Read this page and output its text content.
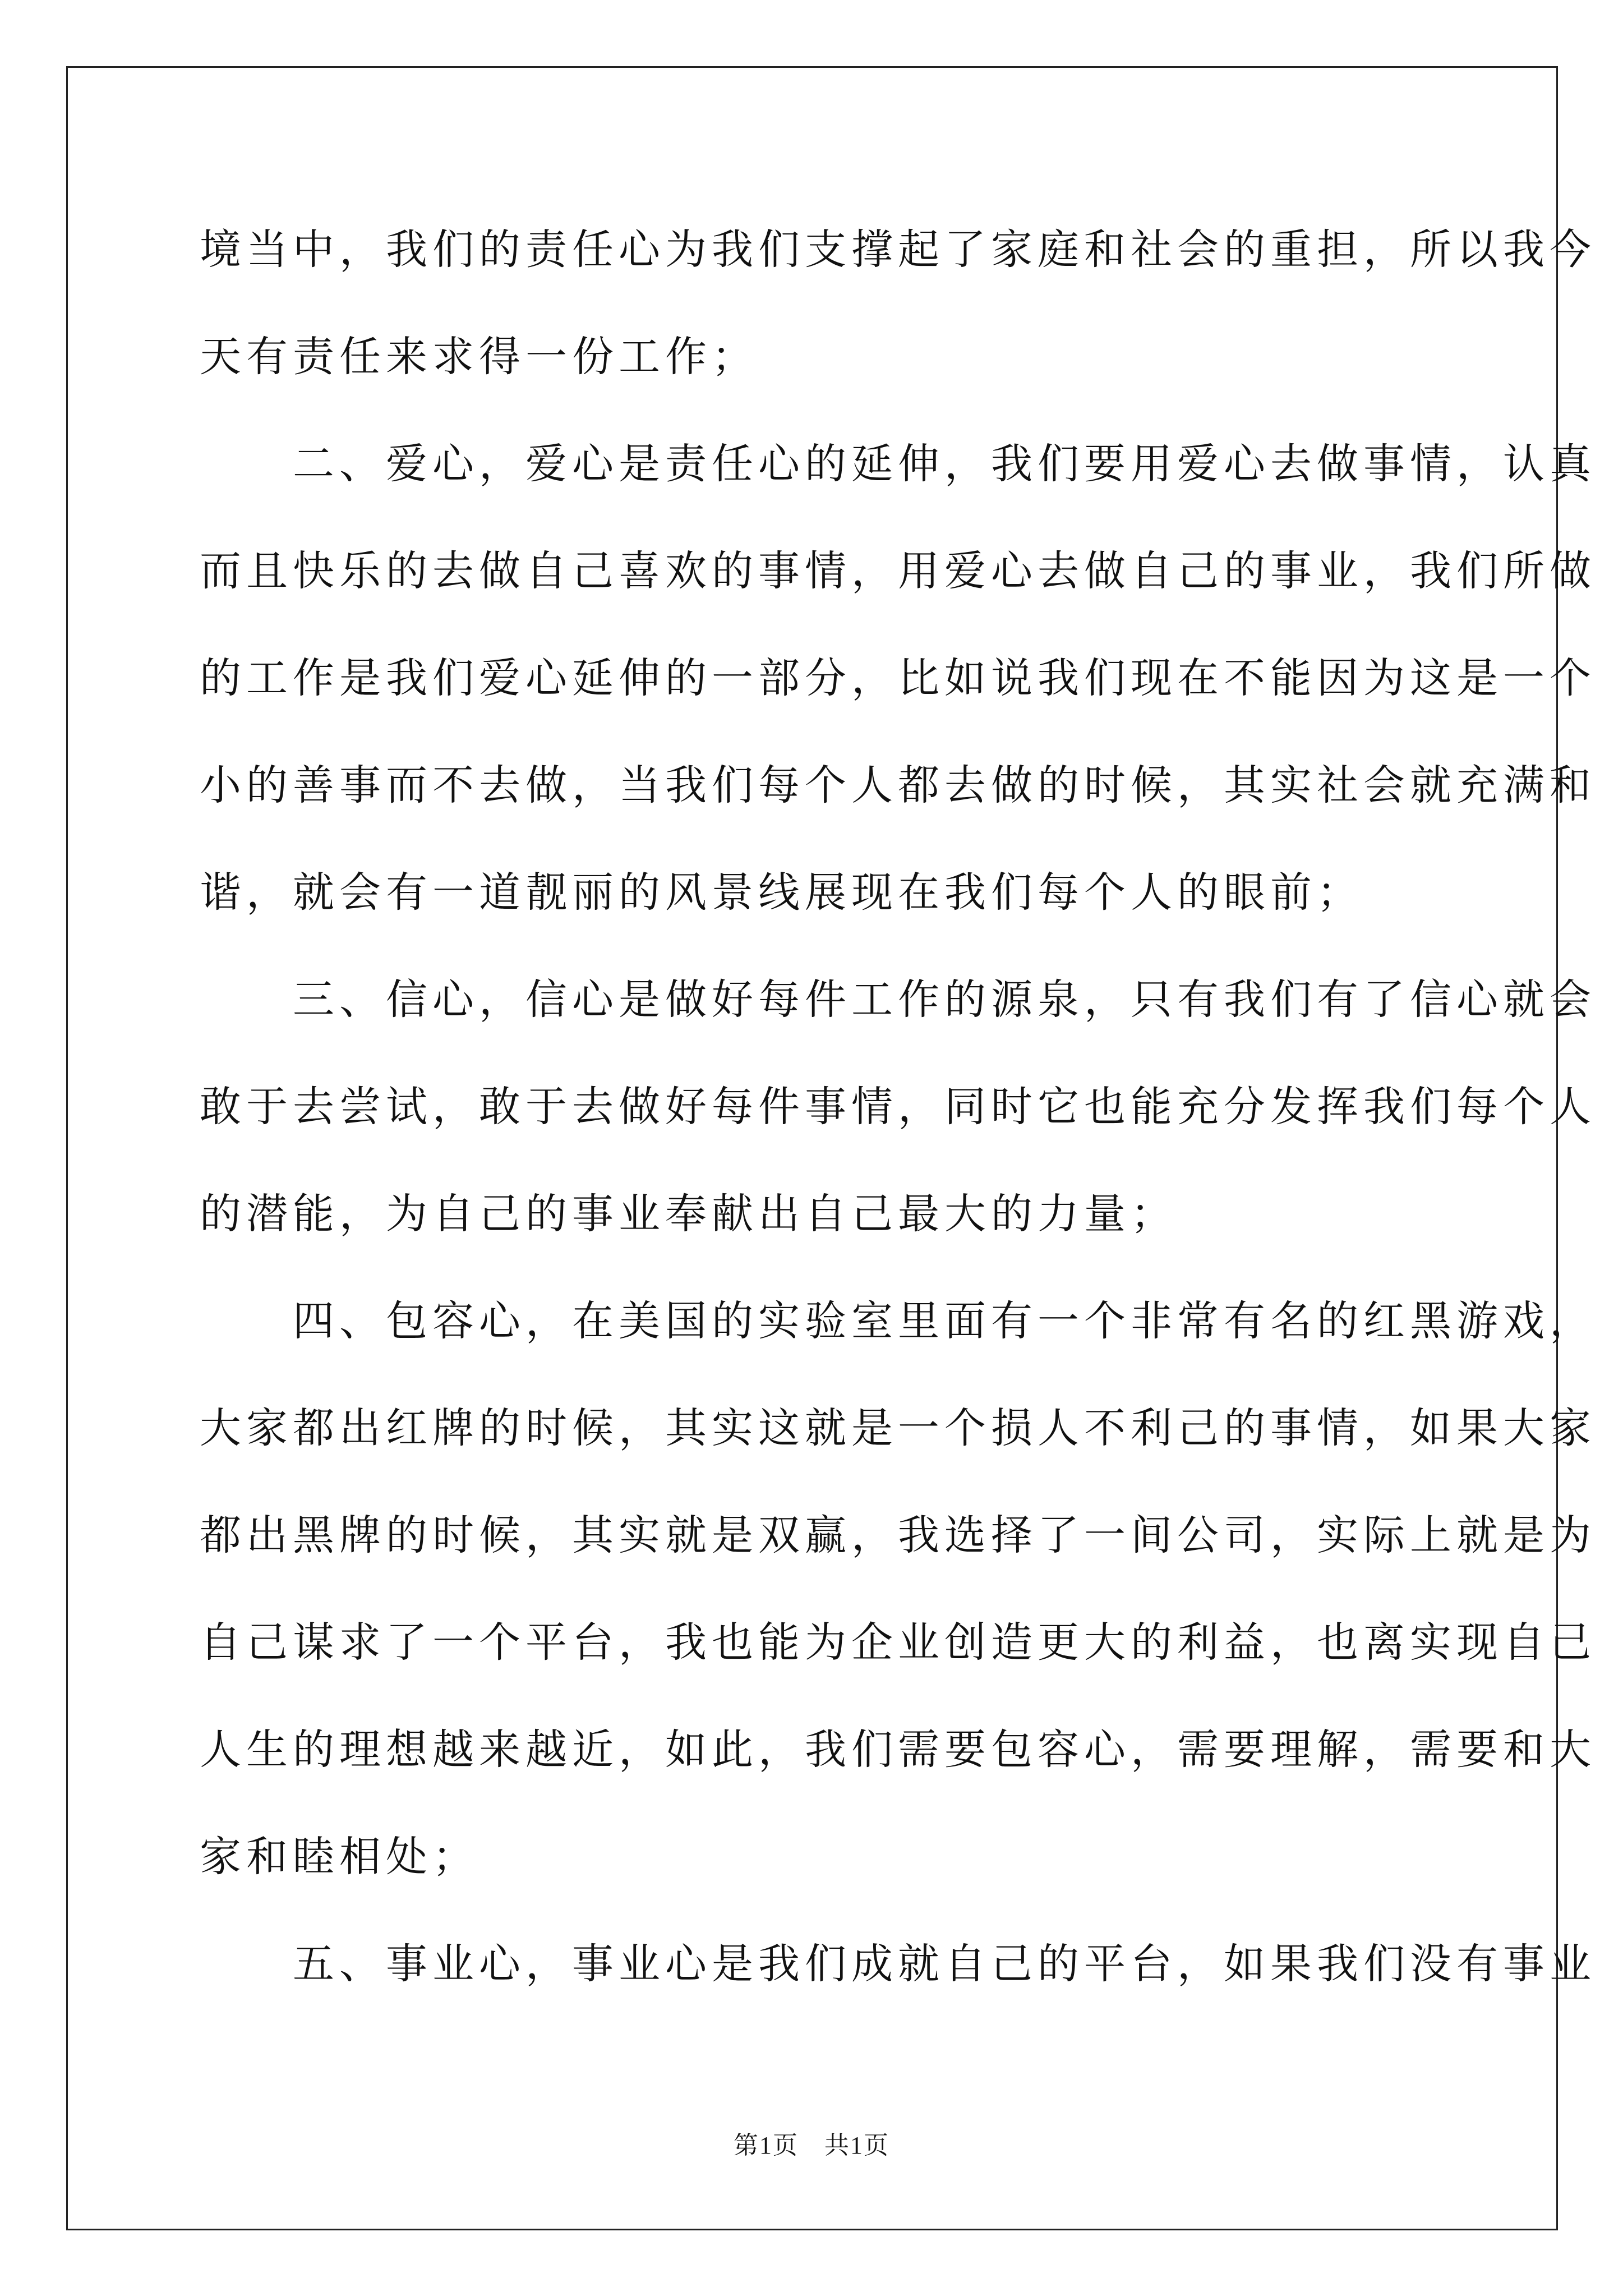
境当中，我们的责任心为我们支撑起了家庭和社会的重担，所以我今
天有责任来求得一份工作；
　　二、爱心，爱心是责任心的延伸，我们要用爱心去做事情，认真
而且快乐的去做自己喜欢的事情，用爱心去做自己的事业，我们所做
的工作是我们爱心延伸的一部分，比如说我们现在不能因为这是一个
小的善事而不去做，当我们每个人都去做的时候，其实社会就充满和
谐，就会有一道靓丽的风景线展现在我们每个人的眼前；
　　三、信心，信心是做好每件工作的源泉，只有我们有了信心就会
敢于去尝试，敢于去做好每件事情，同时它也能充分发挥我们每个人
的潜能，为自己的事业奉献出自己最大的力量；
　　四、包容心，在美国的实验室里面有一个非常有名的红黑游戏，
大家都出红牌的时候，其实这就是一个损人不利己的事情，如果大家
都出黑牌的时候，其实就是双赢，我选择了一间公司，实际上就是为
自己谋求了一个平台，我也能为企业创造更大的利益，也离实现自己
人生的理想越来越近，如此，我们需要包容心，需要理解，需要和大
家和睦相处；
　　五、事业心，事业心是我们成就自己的平台，如果我们没有事业
第1页　共1页
